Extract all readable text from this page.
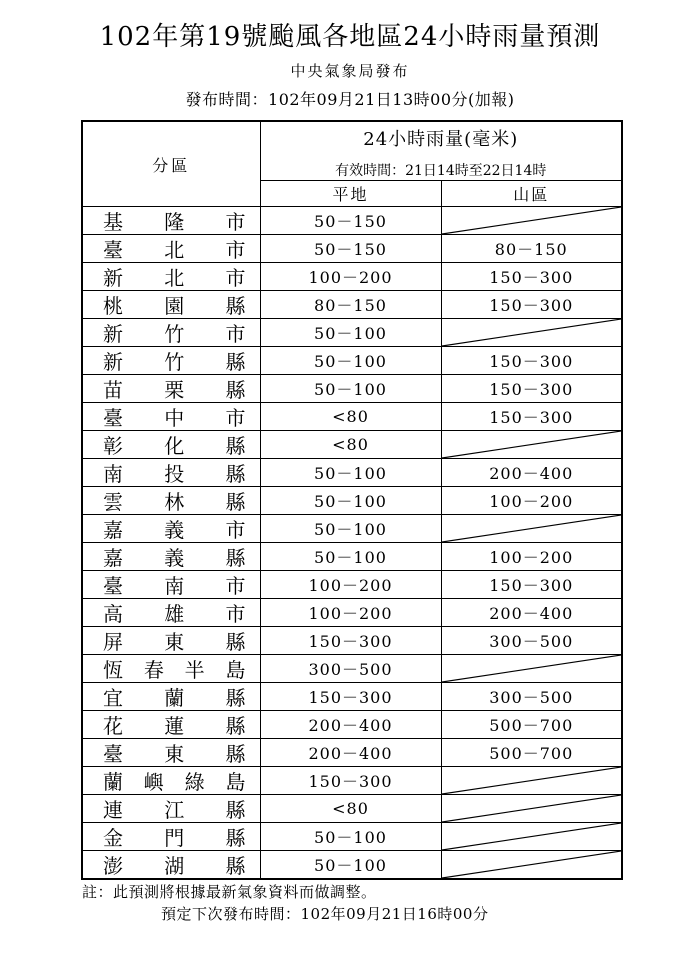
102年第19號颱風各地區24小時雨量預測
中央氣象局發布
發布時間：102年09月21日13時00分(加報)
分區	24小時雨量(毫米)
有效時間：21日14時至22日14時	

	平地	山區

基 隆 市	50－150	

臺 北 市	50－150	80－150

新 北 市	100－200	150－300

桃 園 縣	80－150	150－300

新 竹 市	50－100	

新 竹 縣	50－100	150－300

苗 栗 縣	50－100	150－300

臺 中 市	<80	150－300

彰 化 縣	<80	

南 投 縣	50－100	200－400

雲 林 縣	50－100	100－200

嘉 義 市	50－100	

嘉 義 縣	50－100	100－200

臺 南 市	100－200	150－300

高 雄 市	100－200	200－400

屏 東 縣	150－300	300－500

恆 春 半 島	300－500	

宜 蘭 縣	150－300	300－500

花 蓮 縣	200－400	500－700

臺 東 縣	200－400	500－700

蘭 嶼 綠 島	150－300	

連 江 縣	<80	

金 門 縣	50－100	

澎 湖 縣	50－100	
註：此預測將根據最新氣象資料而做調整。
預定下次發布時間：102年09月21日16時00分
